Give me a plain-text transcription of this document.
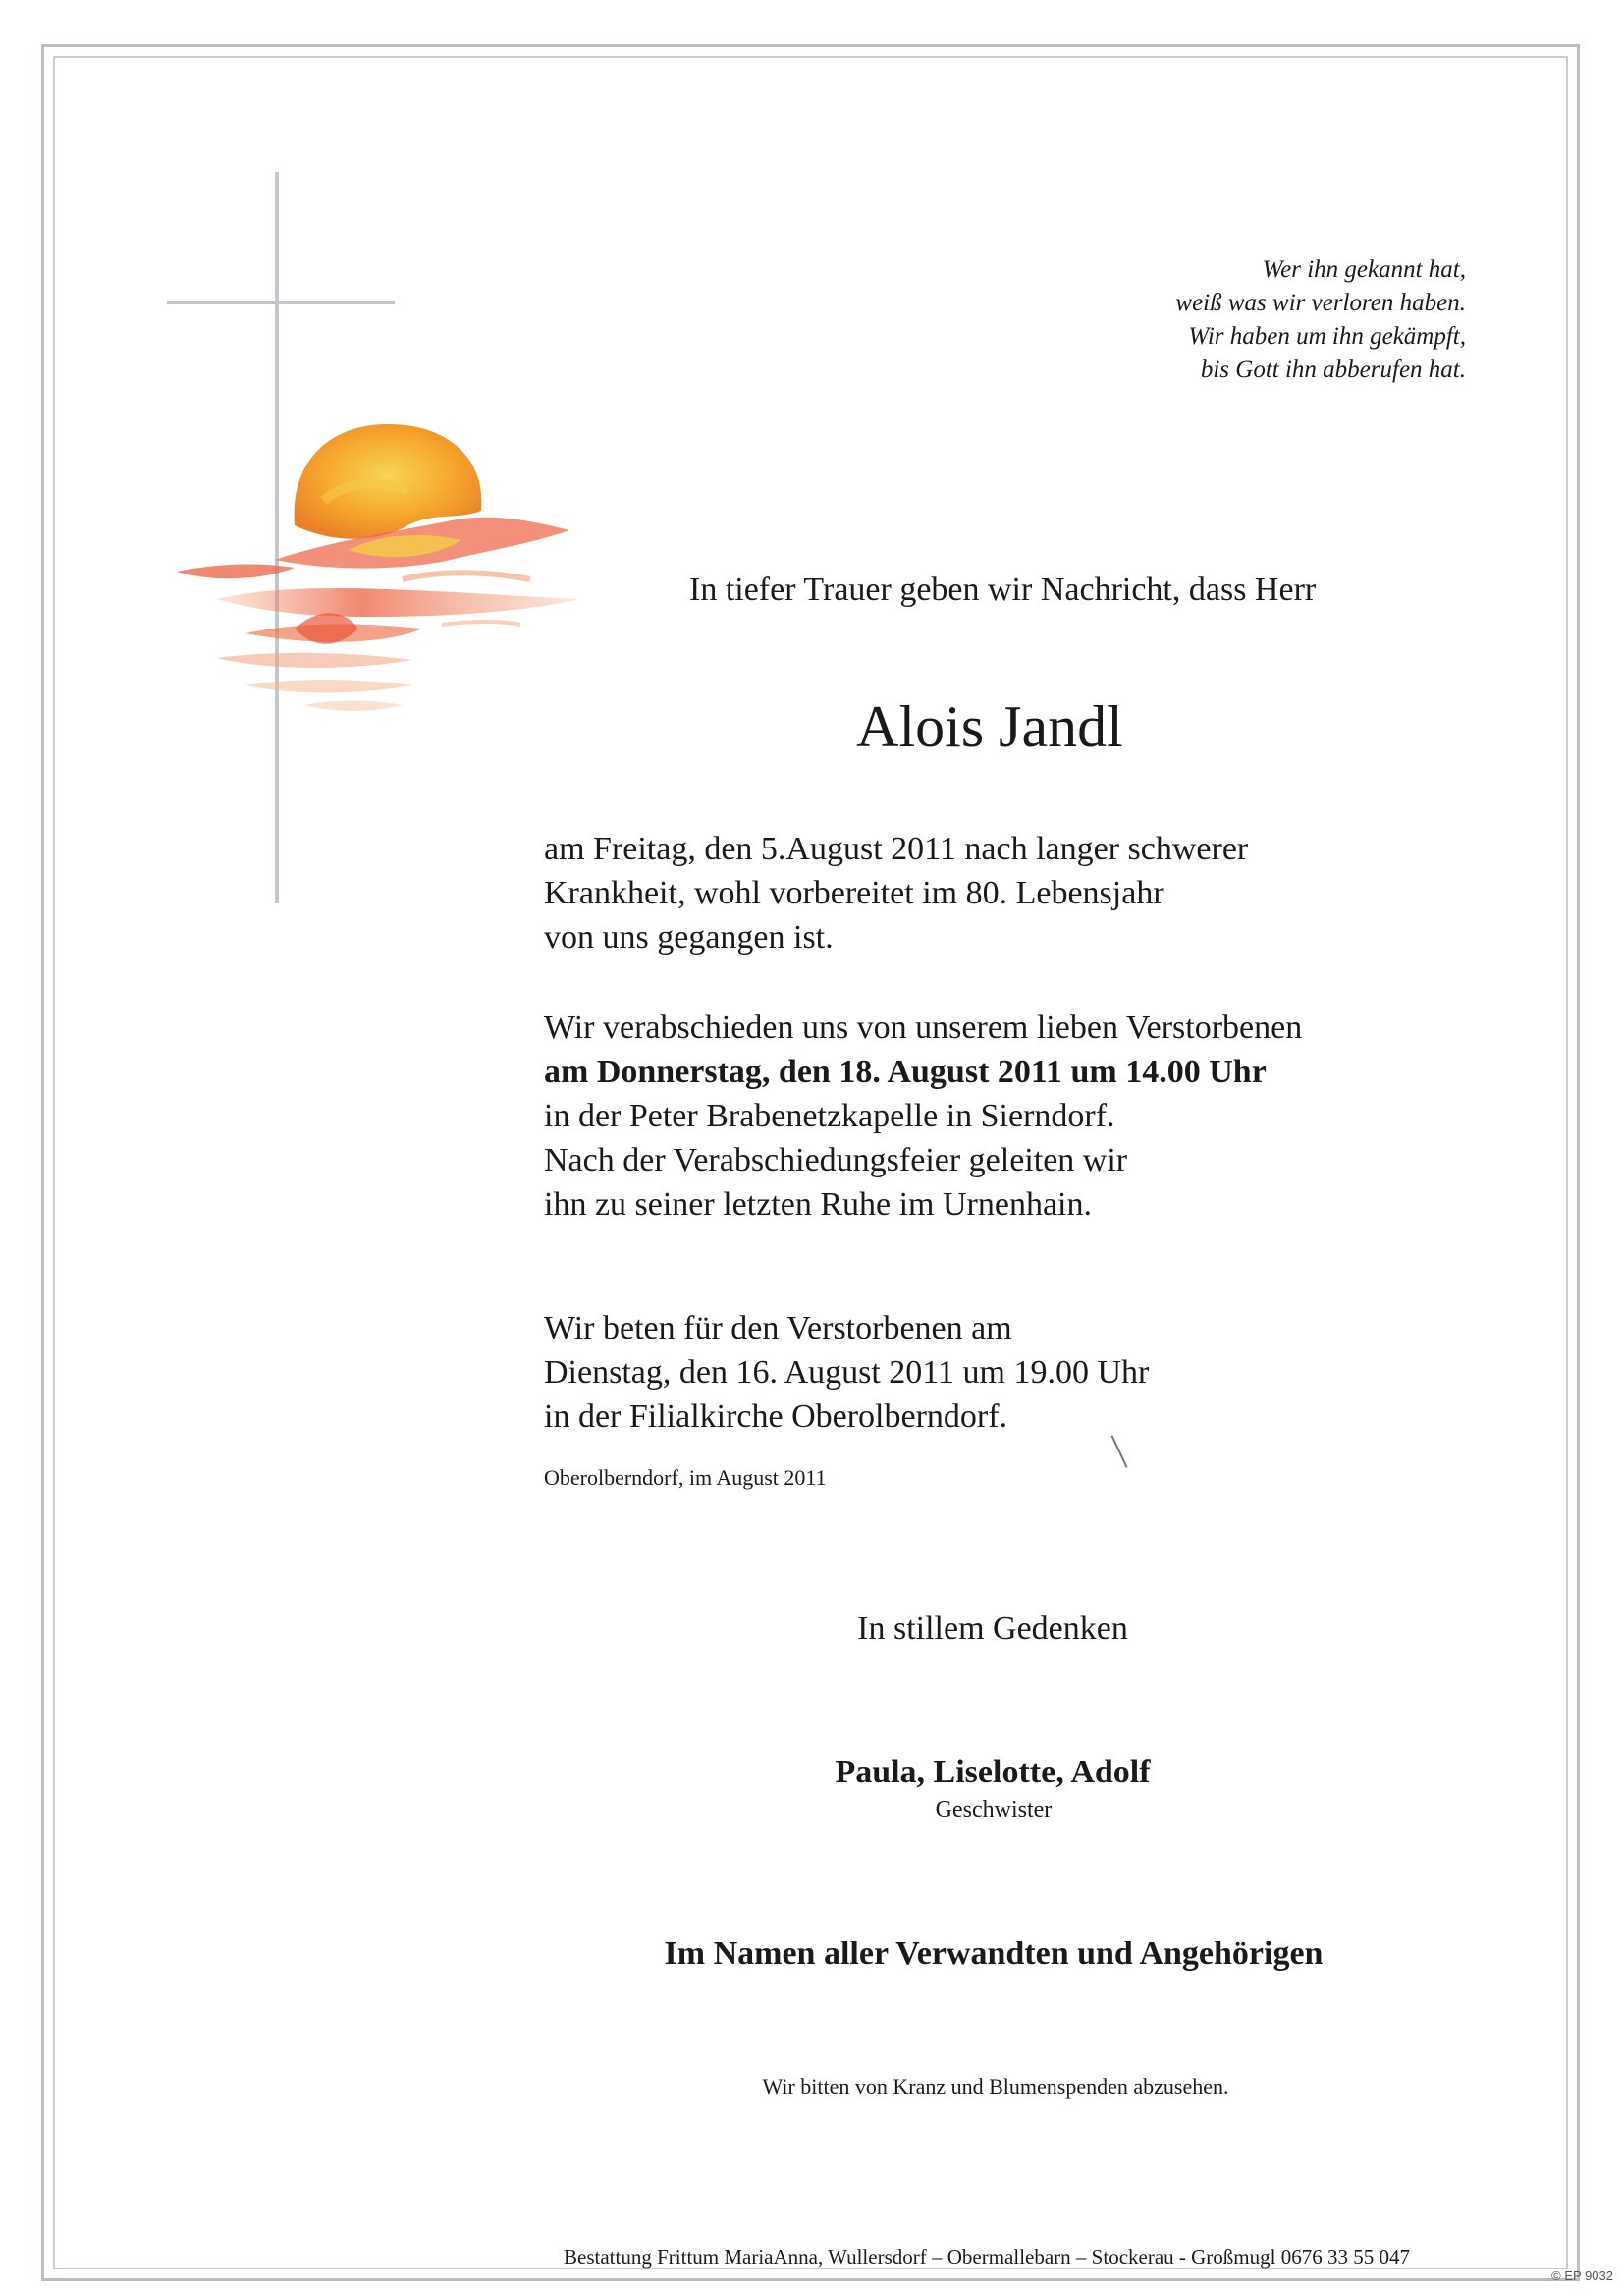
Wer ihn gekannt hat,
weiß was wir verloren haben.
Wir haben um ihn gekämpft,
bis Gott ihn abberufen hat.
In tiefer Trauer geben wir Nachricht, dass Herr
Alois Jandl
am Freitag, den 5.August 2011 nach langer schwerer
Krankheit, wohl vorbereitet im 80. Lebensjahr
von uns gegangen ist.
Wir verabschieden uns von unserem lieben Verstorbenen
am Donnerstag, den 18. August 2011 um 14.00 Uhr
in der Peter Brabenetzkapelle in Sierndorf.
Nach der Verabschiedungsfeier geleiten wir
ihn zu seiner letzten Ruhe im Urnenhain.
Wir beten für den Verstorbenen am
Dienstag, den 16. August 2011 um 19.00 Uhr
in der Filialkirche Oberolberndorf.
Oberolberndorf, im August 2011
In stillem Gedenken
Paula, Liselotte, Adolf
Geschwister
Im Namen aller Verwandten und Angehörigen
Wir bitten von Kranz und Blumenspenden abzusehen.
Bestattung Frittum MariaAnna, Wullersdorf – Obermallebarn – Stockerau - Großmugl 0676 33 55 047
© EP 9032
